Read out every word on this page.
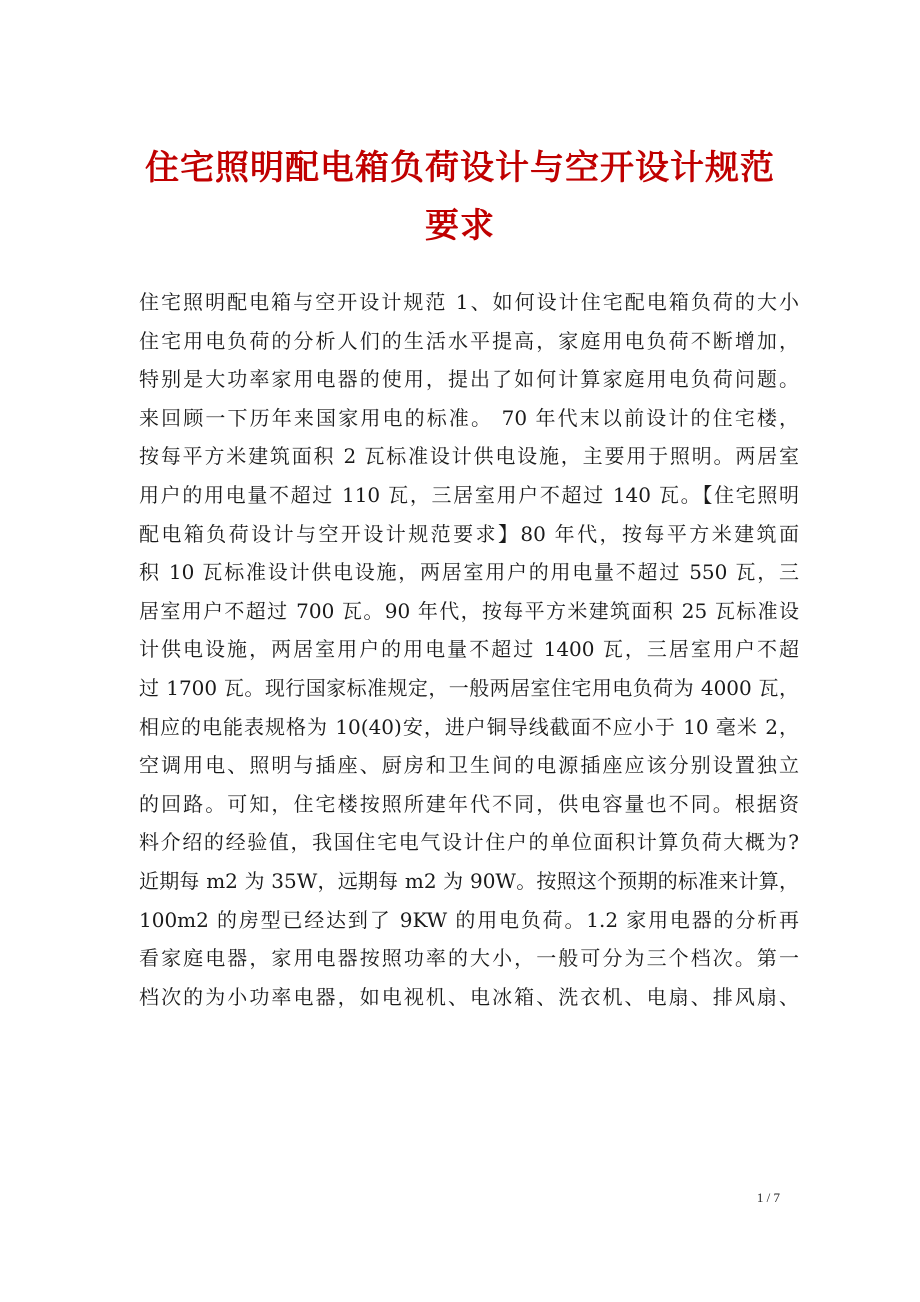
住宅照明配电箱负荷设计与空开设计规范
要求
住宅照明配电箱与空开设计规范 1、如何设计住宅配电箱负荷的大小
住宅用电负荷的分析人们的生活水平提高，家庭用电负荷不断增加，
特别是大功率家用电器的使用，提出了如何计算家庭用电负荷问题。
来回顾一下历年来国家用电的标准。 70 年代末以前设计的住宅楼，
按每平方米建筑面积 2 瓦标准设计供电设施，主要用于照明。两居室
用户的用电量不超过 110 瓦，三居室用户不超过 140 瓦。【住宅照明
配电箱负荷设计与空开设计规范要求】80 年代，按每平方米建筑面
积 10 瓦标准设计供电设施，两居室用户的用电量不超过 550 瓦，三
居室用户不超过 700 瓦。90 年代，按每平方米建筑面积 25 瓦标准设
计供电设施，两居室用户的用电量不超过 1400 瓦，三居室用户不超
过 1700 瓦。现行国家标准规定，一般两居室住宅用电负荷为 4000 瓦，
相应的电能表规格为 10(40)安，进户铜导线截面不应小于 10 毫米 2，
空调用电、照明与插座、厨房和卫生间的电源插座应该分别设置独立
的回路。可知，住宅楼按照所建年代不同，供电容量也不同。根据资
料介绍的经验值，我国住宅电气设计住户的单位面积计算负荷大概为?
近期每 m2 为 35W，远期每 m2 为 90W。按照这个预期的标准来计算，
100m2 的房型已经达到了 9KW 的用电负荷。1.2 家用电器的分析再
看家庭电器，家用电器按照功率的大小，一般可分为三个档次。第一
档次的为小功率电器，如电视机、电冰箱、洗衣机、电扇、排风扇、
1 / 7
